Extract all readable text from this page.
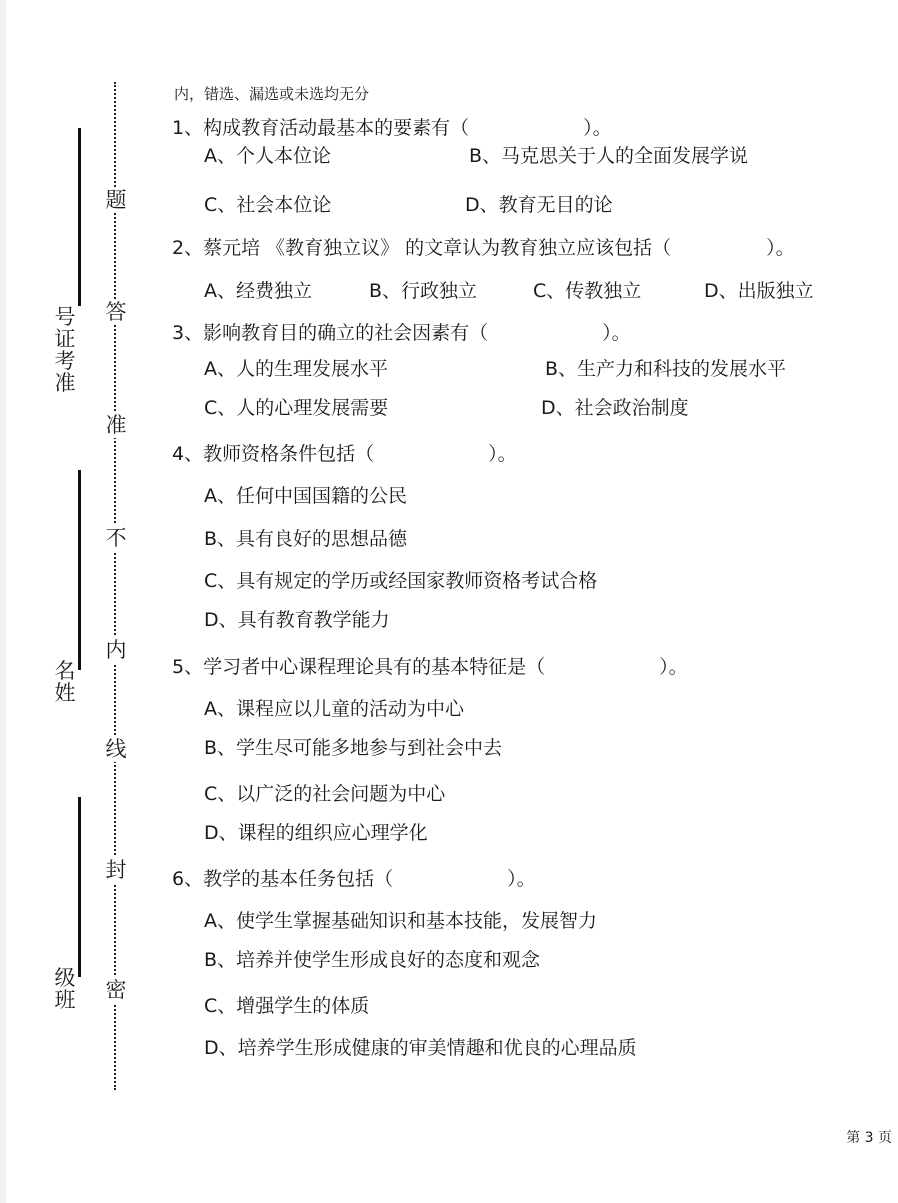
号证考准
名姓
级班
题
答
准
不
内
线
封
密
内，错选、漏选或未选均无分
1、构成教育活动最基本的要素有（　　　　　　）。
A、个人本位论	B、马克思关于人的全面发展学说
C、社会本位论	D、教育无目的论
2、蔡元培 《教育独立议》 的文章认为教育独立应该包括（　　　　　）。
A、经费独立	B、行政独立	C、传教独立	D、出版独立
3、影响教育目的确立的社会因素有（　　　　　　）。
A、人的生理发展水平	B、生产力和科技的发展水平
C、人的心理发展需要	D、社会政治制度
4、教师资格条件包括（　　　　　　）。
A、任何中国国籍的公民
B、具有良好的思想品德
C、具有规定的学历或经国家教师资格考试合格
D、具有教育教学能力
5、学习者中心课程理论具有的基本特征是（　　　　　　）。
A、课程应以儿童的活动为中心
B、学生尽可能多地参与到社会中去
C、以广泛的社会问题为中心
D、课程的组织应心理学化
6、教学的基本任务包括（　　　　　　）。
A、使学生掌握基础知识和基本技能，发展智力
B、培养并使学生形成良好的态度和观念
C、增强学生的体质
D、培养学生形成健康的审美情趣和优良的心理品质
第 3 页
